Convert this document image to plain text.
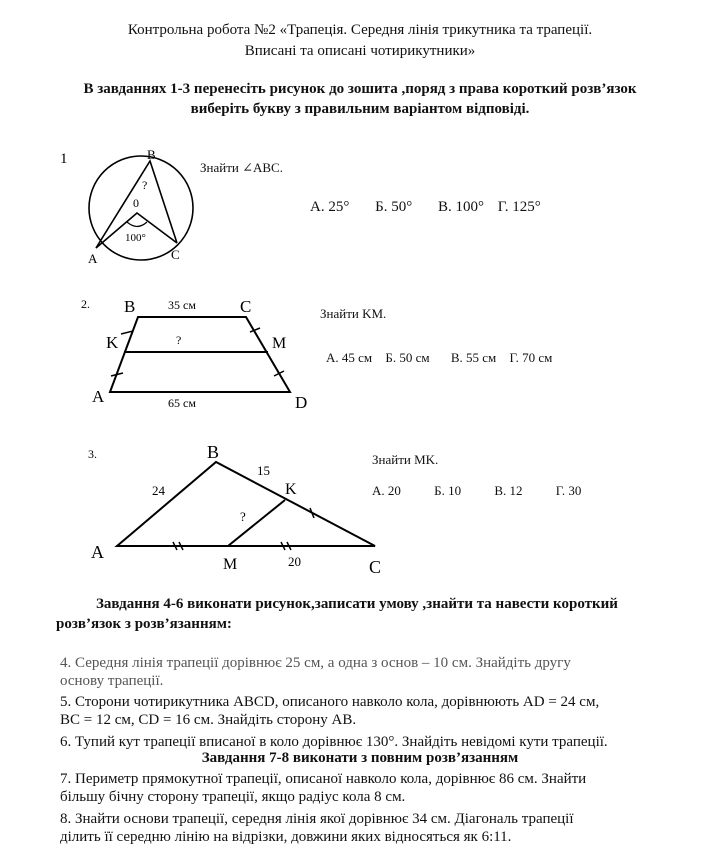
Контрольна робота №2 «Трапеція. Середня лінія трикутника та трапеції.
Вписані та описані чотирикутники»
В завданнях 1-3 перенесіть рисунок до зошита ,поряд з права короткий розв’язок
виберіть букву з правильним варіантом відповіді.
1	B
A	C
0
?
100°
Знайти ∠ABC.
А. 25° Б. 50° В. 100° Г. 125°
2. B	C
K	M
A	D
35 см
65 см
?
Знайти KM.
А. 45 см Б. 50 см В. 55 см Г. 70 см
3.	B
K
A
M	C
24
15
20
?
Знайти MK.
А. 20	Б. 10	В. 12	Г. 30
Завдання 4-6 виконати рисунок,записати умову ,знайти та навести короткий
розв’язок з розв’язанням:
4. Середня лінія трапеції дорівнює 25 см, а одна з основ – 10 см. Знайдіть другу
основу трапеції.
5. Сторони чотирикутника ABCD, описаного навколо кола, дорівнюють AD = 24 см,
BC = 12 см, CD = 16 см. Знайдіть сторону AB.
6. Тупий кут трапеції вписаної в коло дорівнює 130°. Знайдіть невідомі кути трапеції.
Завдання 7-8 виконати з повним розв’язанням
7. Периметр прямокутної трапеції, описаної навколо кола, дорівнює 86 см. Знайти
більшу бічну сторону трапеції, якщо радіус кола 8 см.
8. Знайти основи трапеції, середня лінія якої дорівнює 34 см. Діагональ трапеції
ділить її середню лінію на відрізки, довжини яких відносяться як 6:11.
